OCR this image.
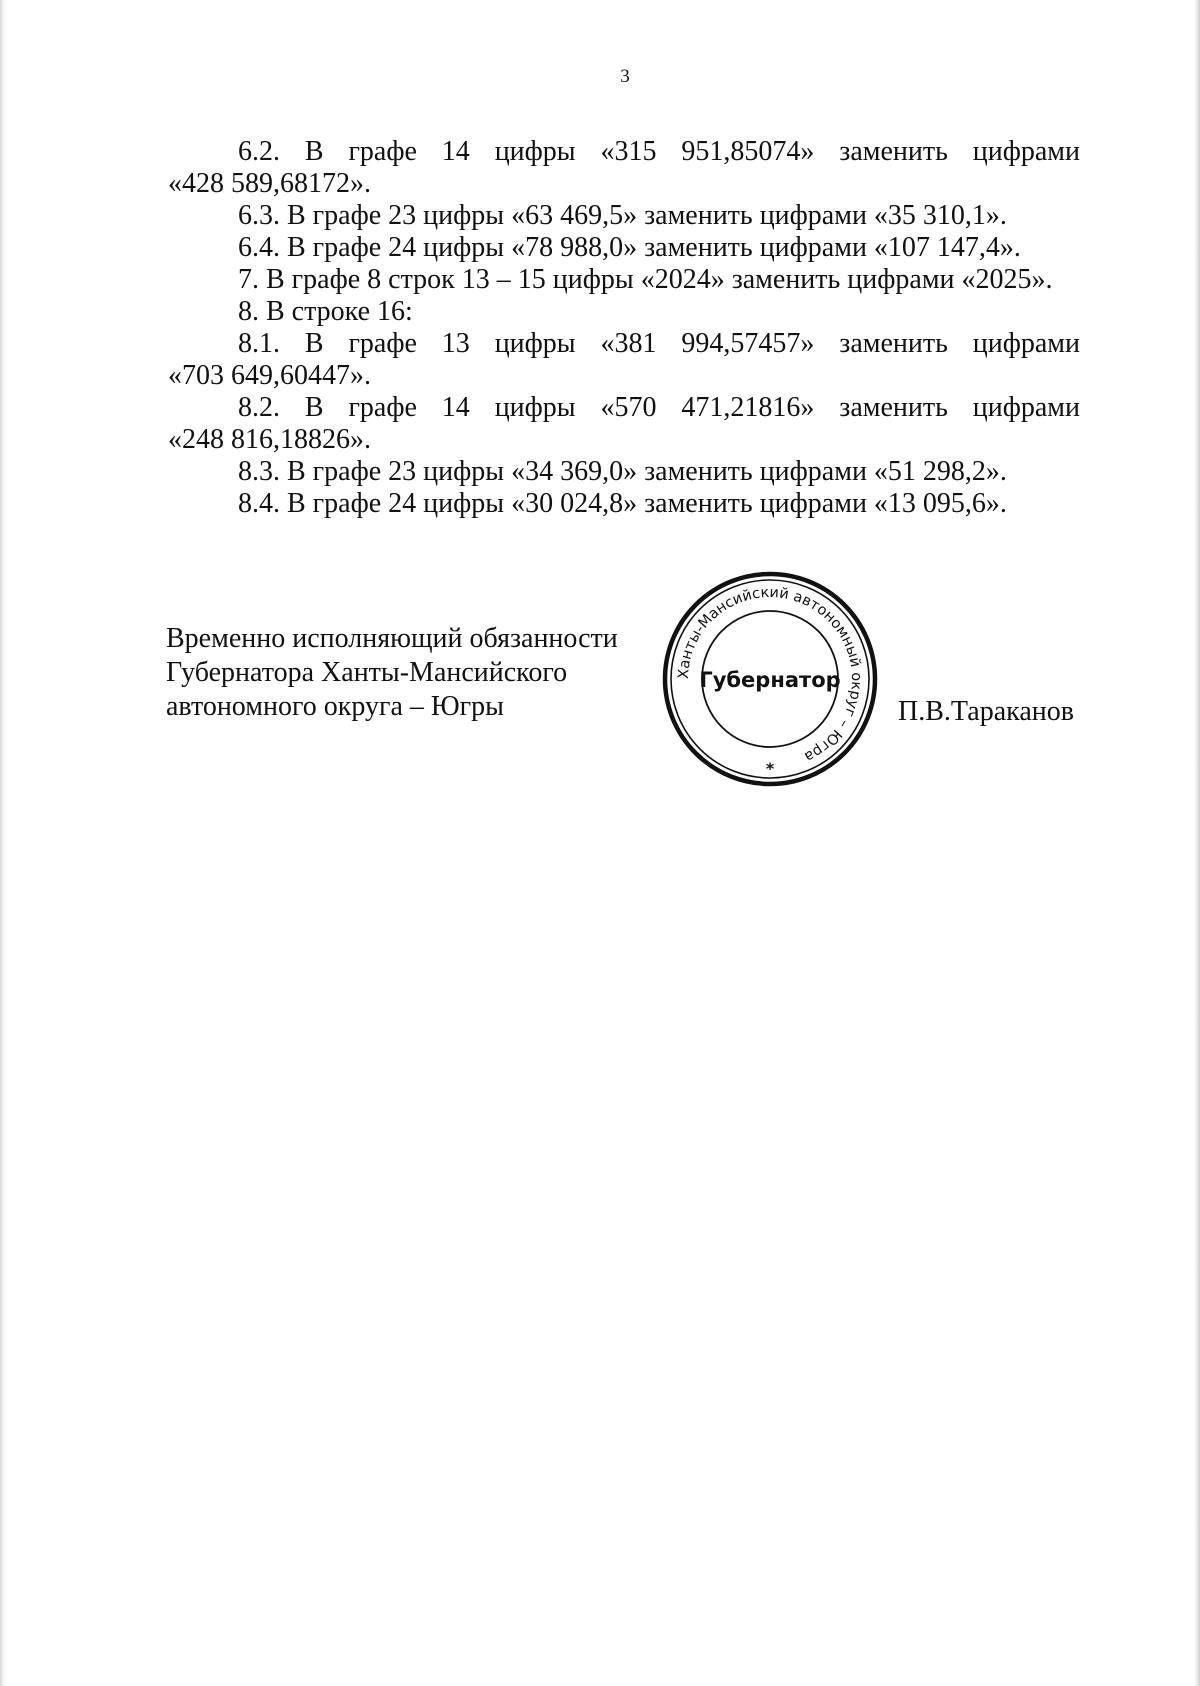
3

6.2. В графе 14 цифры «315 951,85074» заменить цифрами

«428 589,68172».

6.3. В графе 23 цифры «63 469,5» заменить цифрами «35 310,1».

6.4. В графе 24 цифры «78 988,0» заменить цифрами «107 147,4».

7. В графе 8 строк 13 – 15 цифры «2024» заменить цифрами «2025».

8. В строке 16:

8.1. В графе 13 цифры «381 994,57457» заменить цифрами

«703 649,60447».

8.2. В графе 14 цифры «570 471,21816» заменить цифрами

«248 816,18826».

8.3. В графе 23 цифры «34 369,0» заменить цифрами «51 298,2».

8.4. В графе 24 цифры «30 024,8» заменить цифрами «13 095,6».

Временно исполняющий обязанности
Губернатора Ханты-Мансийского
автономного округа – Югры
Ханты-Мансийский автономный округ – Югра
Губернатор
*
П.В.Тараканов
